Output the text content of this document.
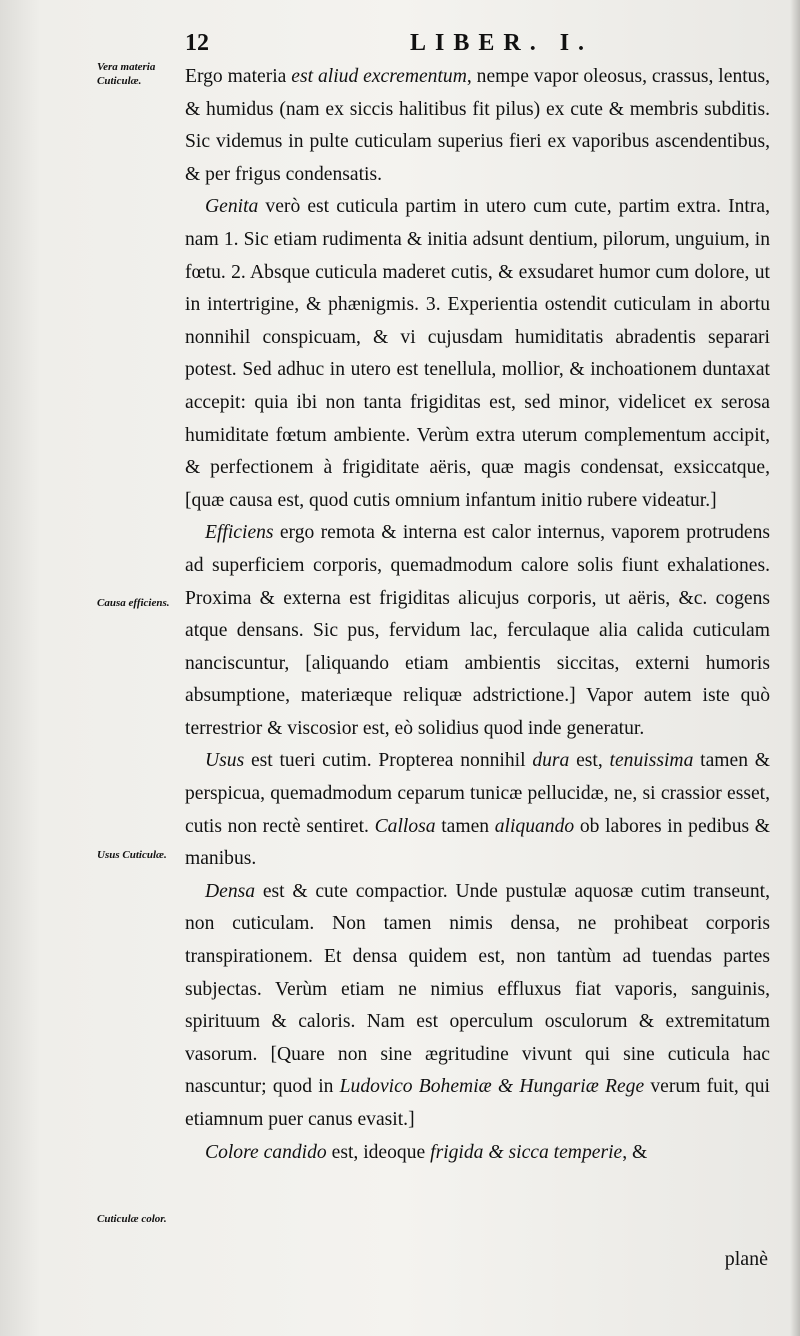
12	LIBER. I.
Vera materia Cuticulæ.
Causa efficiens.
Usus Cuticulæ.
Cuticulæ color.

Ergo materia est aliud excrementum, nempe vapor oleosus, crassus, lentus, & humidus (nam ex siccis halitibus fit pilus) ex cute & membris subditis. Sic videmus in pulte cuticulam superius fieri ex vaporibus ascendentibus, & per frigus condensatis.

Genita verò est cuticula partim in utero cum cute, partim extra. Intra, nam 1. Sic etiam rudimenta & initia adsunt dentium, pilorum, unguium, in fœtu. 2. Absque cuticula maderet cutis, & exsudaret humor cum dolore, ut in intertrigine, & phænigmis. 3. Experientia ostendit cuticulam in abortu nonnihil conspicuam, & vi cujusdam humiditatis abradentis separari potest. Sed adhuc in utero est tenellula, mollior, & inchoationem duntaxat accepit: quia ibi non tanta frigiditas est, sed minor, videlicet ex serosa humiditate fœtum ambiente. Verùm extra uterum complementum accipit, & perfectionem à frigiditate aëris, quæ magis condensat, exsiccatque, [quæ causa est, quod cutis omnium infantum initio rubere videatur.]

Efficiens ergo remota & interna est calor internus, vaporem protrudens ad superficiem corporis, quemadmodum calore solis fiunt exhalationes. Proxima & externa est frigiditas alicujus corporis, ut aëris, &c. cogens atque densans. Sic pus, fervidum lac, ferculaque alia calida cuticulam nanciscuntur, [aliquando etiam ambientis siccitas, externi humoris absumptione, materiæque reliquæ adstrictione.] Vapor autem iste quò terrestrior & viscosior est, eò solidius quod inde generatur.

Usus est tueri cutim. Propterea nonnihil dura est, tenuissima tamen & perspicua, quemadmodum ceparum tunicæ pellucidæ, ne, si crassior esset, cutis non rectè sentiret. Callosa tamen aliquando ob labores in pedibus & manibus.

Densa est & cute compactior. Unde pustulæ aquosæ cutim transeunt, non cuticulam. Non tamen nimis densa, ne prohibeat corporis transpirationem. Et densa quidem est, non tantùm ad tuendas partes subjectas. Verùm etiam ne nimius effluxus fiat vaporis, sanguinis, spirituum & caloris. Nam est operculum osculorum & extremitatum vasorum. [Quare non sine ægritudine vivunt qui sine cuticula hac nascuntur; quod in Ludovico Bohemiæ & Hungariæ Rege verum fuit, qui etiamnum puer canus evasit.]

Colore candido est, ideoque frigida & sicca temperie, &

planè
